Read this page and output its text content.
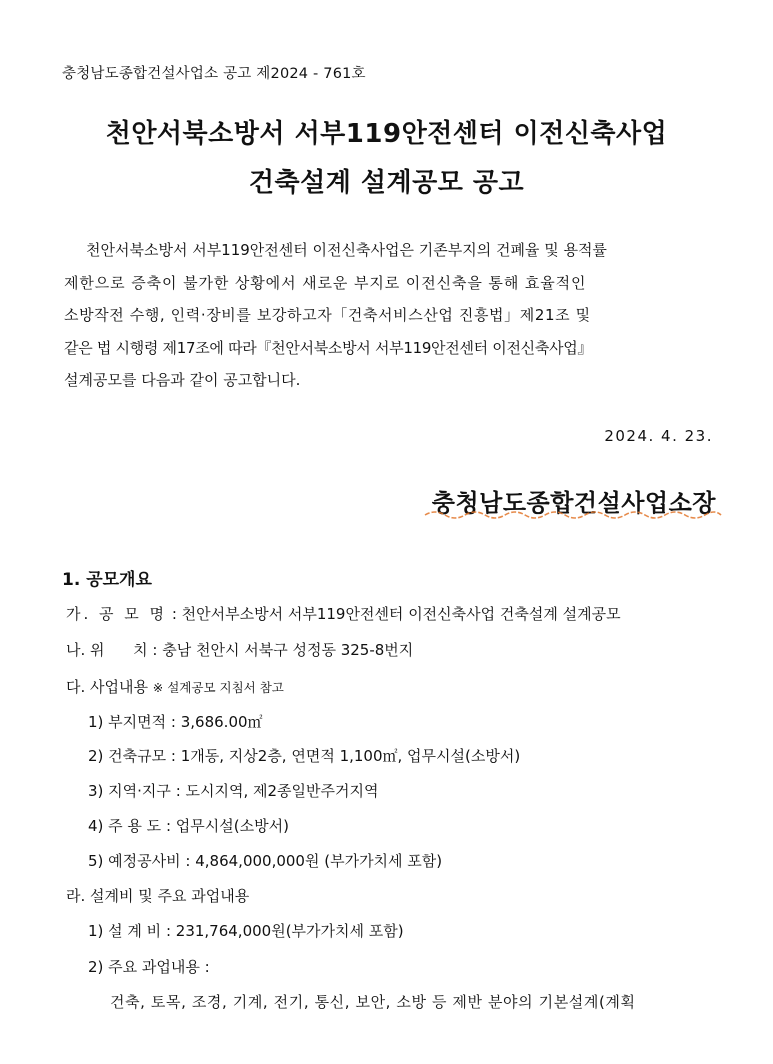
충청남도종합건설사업소 공고 제2024 - 761호
천안서북소방서 서부119안전센터 이전신축사업
건축설계 설계공모 공고
천안서북소방서 서부119안전센터 이전신축사업은 기존부지의 건폐율 및 용적률
제한으로 증축이 불가한 상황에서 새로운 부지로 이전신축을 통해 효율적인
소방작전 수행, 인력·장비를 보강하고자「건축서비스산업 진흥법」제21조 및
같은 법 시행령 제17조에 따라『천안서북소방서 서부119안전센터 이전신축사업』
설계공모를 다음과 같이 공고합니다.
2024. 4. 23.
충청남도종합건설사업소장
1. 공모개요
가. 공 모 명 : 천안서부소방서 서부119안전센터 이전신축사업 건축설계 설계공모
나. 위      치 : 충남 천안시 서북구 성정동 325-8번지
다. 사업내용 ※ 설계공모 지침서 참고
1) 부지면적 : 3,686.00㎡
2) 건축규모 : 1개동, 지상2층, 연면적 1,100㎡, 업무시설(소방서)
3) 지역·지구 : 도시지역, 제2종일반주거지역
4) 주 용 도 : 업무시설(소방서)
5) 예정공사비 : 4,864,000,000원 (부가가치세 포함)
라. 설계비 및 주요 과업내용
1) 설 계 비 : 231,764,000원(부가가치세 포함)
2) 주요 과업내용 :
건축, 토목, 조경, 기계, 전기, 통신, 보안, 소방 등 제반 분야의 기본설계(계획
